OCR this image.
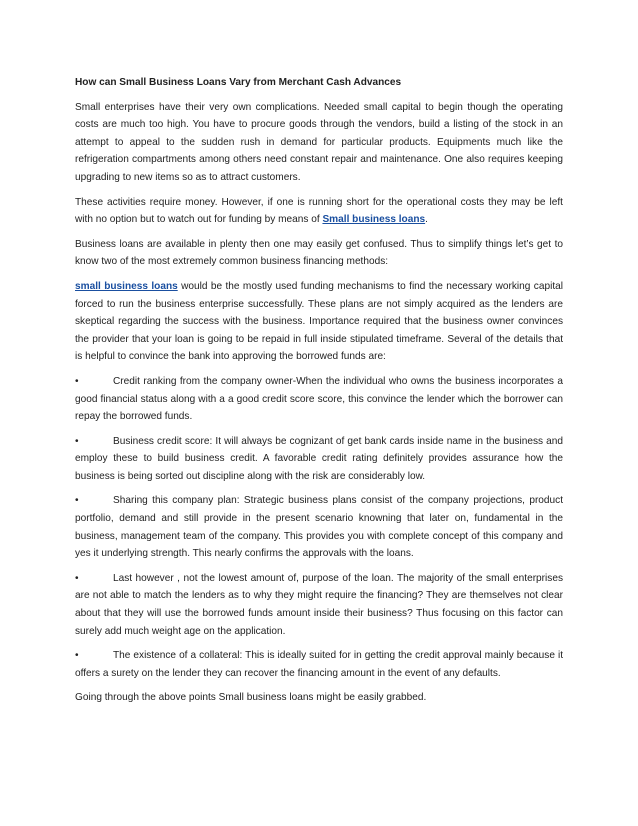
How can Small Business Loans Vary from Merchant Cash Advances

Small enterprises have their very own complications. Needed small capital to begin though the operating costs are much too high. You have to procure goods through the vendors, build a listing of the stock in an attempt to appeal to the sudden rush in demand for particular products. Equipments much like the refrigeration compartments among others need constant repair and maintenance. One also requires keeping upgrading to new items so as to attract customers.

These activities require money. However, if one is running short for the operational costs they may be left with no option but to watch out for funding by means of Small business loans.

Business loans are available in plenty then one may easily get confused. Thus to simplify things let’s get to know two of the most extremely common business financing methods:

small business loans would be the mostly used funding mechanisms to find the necessary working capital forced to run the business enterprise successfully. These plans are not simply acquired as the lenders are skeptical regarding the success with the business. Importance required that the business owner convinces the provider that your loan is going to be repaid in full inside stipulated timeframe. Several of the details that is helpful to convince the bank into approving the borrowed funds are:

•	Credit ranking from the company owner-When the individual who owns the business incorporates a good financial status along with a a good credit score score, this convince the lender which the borrower can repay the borrowed funds.

•	Business credit score: It will always be cognizant of get bank cards inside name in the business and employ these to build business credit. A favorable credit rating definitely provides assurance how the business is being sorted out discipline along with the risk are considerably low.

•	Sharing this company plan: Strategic business plans consist of the company projections, product portfolio, demand and still provide in the present scenario knowning that later on, fundamental in the business, management team of the company. This provides you with complete concept of this company and yes it underlying strength. This nearly confirms the approvals with the loans.

•	Last however , not the lowest amount of, purpose of the loan. The majority of the small enterprises are not able to match the lenders as to why they might require the financing? They are themselves not clear about that they will use the borrowed funds amount inside their business? Thus focusing on this factor can surely add much weight age on the application.

•	The existence of a collateral: This is ideally suited for in getting the credit approval mainly because it offers a surety on the lender they can recover the financing amount in the event of any defaults.

Going through the above points Small business loans might be easily grabbed.
